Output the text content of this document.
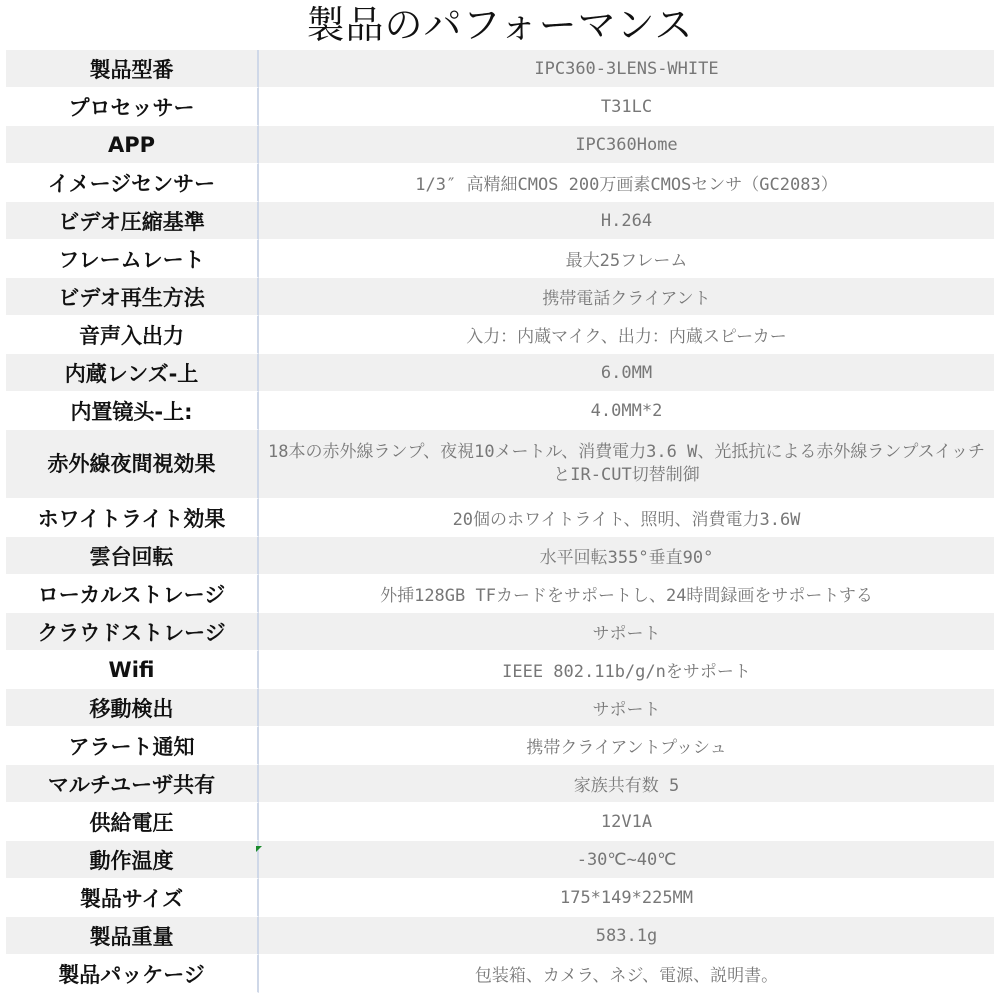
製品のパフォーマンス
製品型番	IPC360-3LENS-WHITE
プロセッサー	T31LC
APP	IPC360Home
イメージセンサー	1/3″ 高精細CMOS 200万画素CMOSセンサ（GC2083）
ビデオ圧縮基準	H.264
フレームレート	最大25フレーム
ビデオ再生方法	携帯電話クライアント
音声入出力	入力：内蔵マイク、出力：内蔵スピーカー
内蔵レンズ-上	6.0MM
内置镜头-上:	4.0MM*2
赤外線夜間視効果	18本の赤外線ランプ、夜視10メートル、消費電力3.6 W、光抵抗による赤外線ランプスイッチとIR-CUT切替制御
ホワイトライト効果	20個のホワイトライト、照明、消費電力3.6W
雲台回転	水平回転355°垂直90°
ローカルストレージ	外挿128GB TFカードをサポートし、24時間録画をサポートする
クラウドストレージ	サポート
Wifi	IEEE 802.11b/g/nをサポート
移動検出	サポート
アラート通知	携帯クライアントプッシュ
マルチユーザ共有	家族共有数 5
供給電圧	12V1A
動作温度	-30℃~40℃
製品サイズ	175*149*225MM
製品重量	583.1g
製品パッケージ	包装箱、カメラ、ネジ、電源、説明書。
